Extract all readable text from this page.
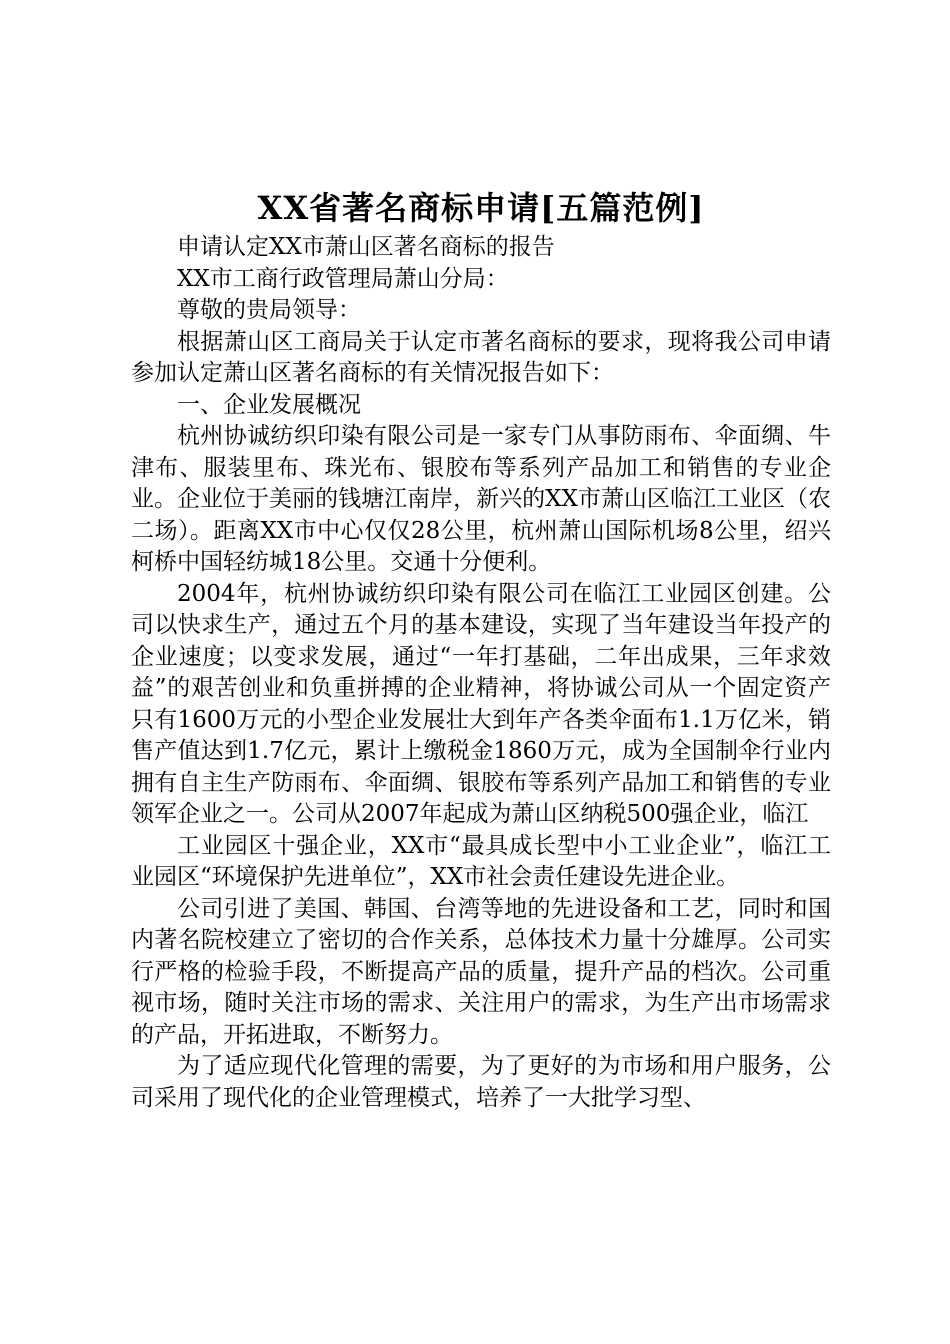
XX省著名商标申请[五篇范例]

申请认定XX市萧山区著名商标的报告

XX市工商行政管理局萧山分局：

尊敬的贵局领导：

根据萧山区工商局关于认定市著名商标的要求，现将我公司申请参加认定萧山区著名商标的有关情况报告如下：

一、企业发展概况

杭州协诚纺织印染有限公司是一家专门从事防雨布、伞面绸、牛津布、服装里布、珠光布、银胶布等系列产品加工和销售的专业企业。企业位于美丽的钱塘江南岸，新兴的XX市萧山区临江工业区（农二场）。距离XX市中心仅仅28公里，杭州萧山国际机场8公里，绍兴柯桥中国轻纺城18公里。交通十分便利。

2004年，杭州协诚纺织印染有限公司在临江工业园区创建。公司以快求生产，通过五个月的基本建设，实现了当年建设当年投产的企业速度；以变求发展，通过“一年打基础，二年出成果，三年求效益”的艰苦创业和负重拼搏的企业精神，将协诚公司从一个固定资产只有1600万元的小型企业发展壮大到年产各类伞面布1.1万亿米，销售产值达到1.7亿元，累计上缴税金1860万元，成为全国制伞行业内拥有自主生产防雨布、伞面绸、银胶布等系列产品加工和销售的专业领军企业之一。公司从2007年起成为萧山区纳税500强企业，临江

工业园区十强企业，XX市“最具成长型中小工业企业”，临江工业园区“环境保护先进单位”，XX市社会责任建设先进企业。

公司引进了美国、韩国、台湾等地的先进设备和工艺，同时和国内著名院校建立了密切的合作关系，总体技术力量十分雄厚。公司实行严格的检验手段，不断提高产品的质量，提升产品的档次。公司重视市场，随时关注市场的需求、关注用户的需求，为生产出市场需求的产品，开拓进取，不断努力。

为了适应现代化管理的需要，为了更好的为市场和用户服务，公司采用了现代化的企业管理模式，培养了一大批学习型、
